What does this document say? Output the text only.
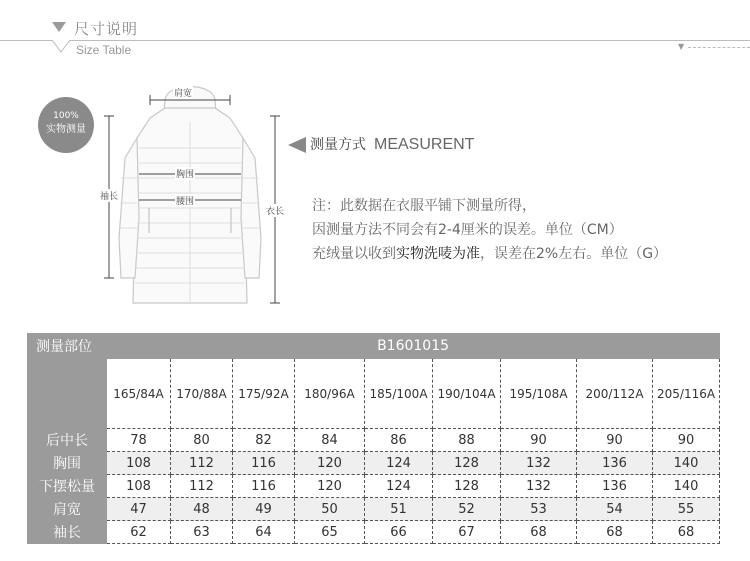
尺寸说明
Size Table	▼
100%
实物测量
肩宽
胸围
腰围
袖长
衣长
测量方式 MEASURENT
注：此数据在衣服平铺下测量所得，
因测量方法不同会有2-4厘米的误差。单位（CM）
充绒量以收到实物洗唛为准，误差在2%左右。单位（G）
测量部位	B1601015								
	165/84A	170/88A	175/92A	180/96A	185/100A	190/104A	195/108A	200/112A	205/116A
后中长	78	80	82	84	86	88	90	90	90
胸围	108	112	116	120	124	128	132	136	140
下摆松量	108	112	116	120	124	128	132	136	140
肩宽	47	48	49	50	51	52	53	54	55
袖长	62	63	64	65	66	67	68	68	68
